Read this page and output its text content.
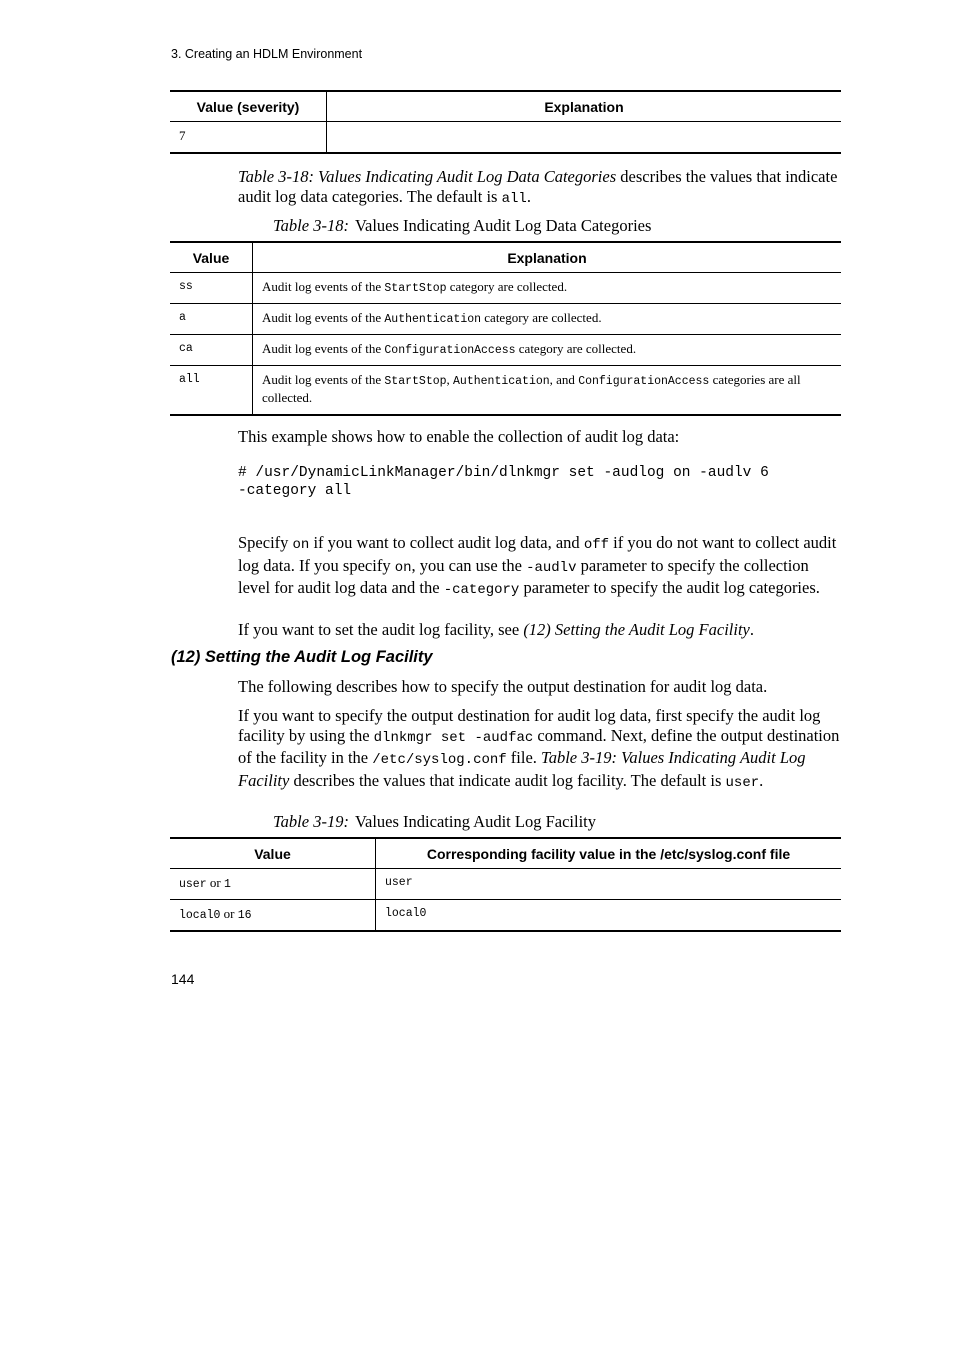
3. Creating an HDLM Environment
Value (severity)	Explanation
7	
Table 3-18: Values Indicating Audit Log Data Categories describes the values that indicate audit log data categories. The default is all.
Table 3-18: Values Indicating Audit Log Data Categories
Value	Explanation
ss	Audit log events of the StartStop category are collected.
a	Audit log events of the Authentication category are collected.
ca	Audit log events of the ConfigurationAccess category are collected.
all	Audit log events of the StartStop, Authentication, and ConfigurationAccess categories are all collected.
This example shows how to enable the collection of audit log data:
# /usr/DynamicLinkManager/bin/dlnkmgr set -audlog on -audlv 6
-category all
Specify on if you want to collect audit log data, and off if you do not want to collect audit log data. If you specify on, you can use the -audlv parameter to specify the collection level for audit log data and the -category parameter to specify the audit log categories.
If you want to set the audit log facility, see (12) Setting the Audit Log Facility.
(12) Setting the Audit Log Facility
The following describes how to specify the output destination for audit log data.
If you want to specify the output destination for audit log data, first specify the audit log facility by using the dlnkmgr set -audfac command. Next, define the output destination of the facility in the /etc/syslog.conf file. Table 3-19: Values Indicating Audit Log Facility describes the values that indicate audit log facility. The default is user.
Table 3-19: Values Indicating Audit Log Facility
Value	Corresponding facility value in the /etc/syslog.conf file
user or 1	user
local0 or 16	local0
144
